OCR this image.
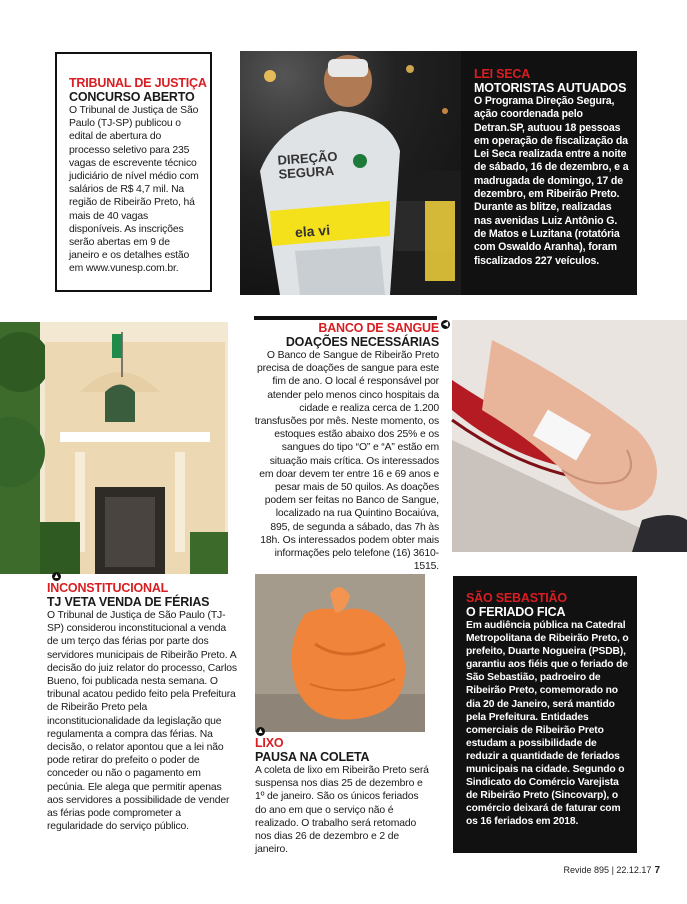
TRIBUNAL DE JUSTIÇA
CONCURSO ABERTO
O Tribunal de Justiça de São Paulo (TJ-SP) publicou o edital de abertura do processo seletivo para 235 vagas de escrevente técnico judiciário de nível médio com salários de R$ 4,7 mil. Na região de Ribeirão Preto, há mais de 40 vagas disponíveis. As inscrições serão abertas em 9 de janeiro e os detalhes estão em www.vunesp.com.br.
DIREÇÃO SEGURA
ela vi
LEI SECA
MOTORISTAS AUTUADOS
O Programa Direção Segura, ação coordenada pelo Detran.SP, autuou 18 pessoas em operação de fiscalização da Lei Seca realizada entre a noite de sábado, 16 de dezembro, e a madrugada de domingo, 17 de dezembro, em Ribeirão Preto. Durante as blitze, realizadas nas avenidas Luiz Antônio G. de Matos e Luzitana (rotatória com Oswaldo Aranha), foram fiscalizados 227 veículos.
▲
◀
BANCO DE SANGUE
DOAÇÕES NECESSÁRIAS
O Banco de Sangue de Ribeirão Preto precisa de doações de sangue para este fim de ano. O local é responsável por atender pelo menos cinco hospitais da cidade e realiza cerca de 1.200 transfusões por mês. Neste momento, os estoques estão abaixo dos 25% e os sangues do tipo “O” e “A” estão em situação mais crítica. Os interessados em doar devem ter entre 16 e 69 anos e pesar mais de 50 quilos. As doações podem ser feitas no Banco de Sangue, localizado na rua Quintino Bocaiúva, 895, de segunda a sábado, das 7h às 18h. Os interessados podem obter mais informações pelo telefone (16) 3610-1515.
INCONSTITUCIONAL
TJ VETA VENDA DE FÉRIAS
O Tribunal de Justiça de São Paulo (TJ-SP) considerou inconstitucional a venda de um terço das férias por parte dos servidores municipais de Ribeirão Preto. A decisão do juiz relator do processo, Carlos Bueno, foi publicada nesta semana. O tribunal acatou pedido feito pela Prefeitura de Ribeirão Preto pela inconstitucionalidade da legislação que regulamenta a compra das férias. Na decisão, o relator apontou que a lei não pode retirar do prefeito o poder de conceder ou não o pagamento em pecúnia. Ele alega que permitir apenas aos servidores a possibilidade de vender as férias pode comprometer a regularidade do serviço público.
▲
LIXO
PAUSA NA COLETA
A coleta de lixo em Ribeirão Preto será suspensa nos dias 25 de dezembro e 1º de janeiro. São os únicos feriados do ano em que o serviço não é realizado. O trabalho será retomado nos dias 26 de dezembro e 2 de janeiro.
SÃO SEBASTIÃO
O FERIADO FICA
Em audiência pública na Catedral Metropolitana de Ribeirão Preto, o prefeito, Duarte Nogueira (PSDB), garantiu aos fiéis que o feriado de São Sebastião, padroeiro de Ribeirão Preto, comemorado no dia 20 de Janeiro, será mantido pela Prefeitura. Entidades comerciais de Ribeirão Preto estudam a possibilidade de reduzir a quantidade de feriados municipais na cidade. Segundo o Sindicato do Comércio Varejista de Ribeirão Preto (Sincovarp), o comércio deixará de faturar com os 16 feriados em 2018.
Revide 895 | 22.12.17 7
